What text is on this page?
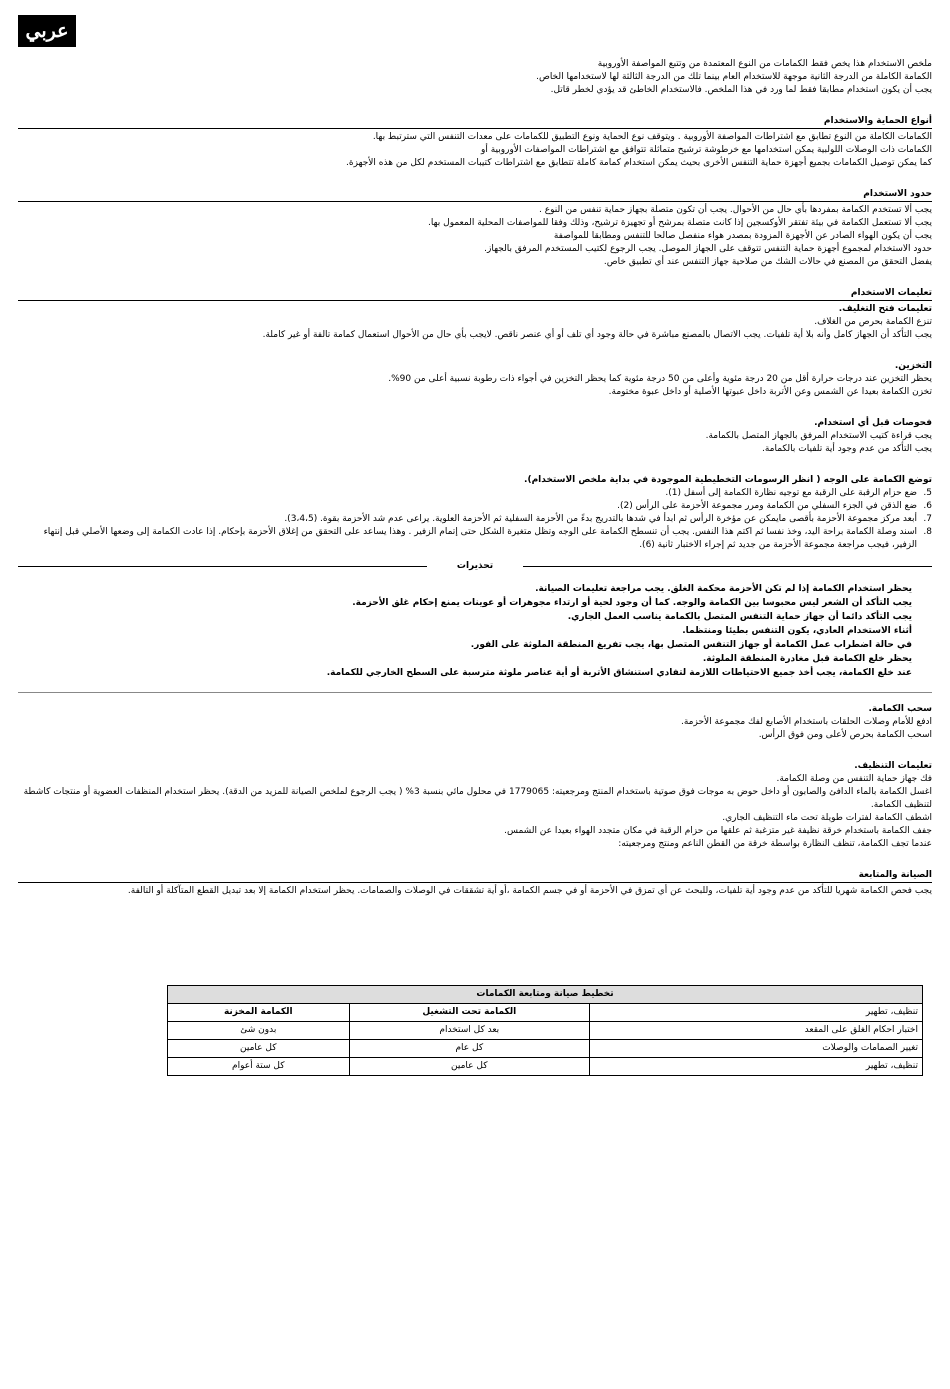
عربي

ملخص الاستخدام هذا يخص فقط الكمامات من النوع المعتمدة من وتتبع المواصفة الأوروبية

الكمامة الكاملة من الدرجة الثانية موجهة للاستخدام العام بينما تلك من الدرجة الثالثة لها لاستخدامها الخاص.

يجب أن يكون استخدام مطابقا فقط لما ورد في هذا الملخص. فالاستخدام الخاطئ قد يؤدي لخطر قاتل.

أنواع الحماية والاستخدام

الكمامات الكاملة من النوع تطابق مع اشتراطات المواصفة الأوروبية . ويتوقف نوع الحماية ونوع التطبيق للكمامات على معدات التنفس التي سترتبط بها.

الكمامات ذات الوصلات اللولبية يمكن استخدامها مع خرطوشة ترشيح متماثلة تتوافق مع اشتراطات المواصفات الأوروبية أو

كما يمكن توصيل الكمامات بجميع أجهزة حماية التنفس الأخرى بحيث يمكن استخدام كمامة كاملة تتطابق مع اشتراطات كتيبات المستخدم لكل من هذه الأجهزة.

حدود الاستخدام

يجب ألا تستخدم الكمامة بمفردها بأي حال من الأحوال. يجب أن تكون متصلة بجهاز حماية تنفس من النوع .

يجب ألا تستعمل الكمامة في بيئة تفتقر الأوكسجين إذا كانت متصلة بمرشح أو تجهيزة ترشيح، وذلك وفقا للمواصفات المحلية المعمول بها.

يجب أن يكون الهواء الصادر عن الأجهزة المزودة بمصدر هواء منفصل صالحا للتنفس ومطابقا للمواصفة

حدود الاستخدام لمجموع أجهزة حماية التنفس تتوقف على الجهاز الموصل. يجب الرجوع لكتيب المستخدم المرفق بالجهاز.

يفضل التحقق من المصنع في حالات الشك من صلاحية جهاز التنفس عند أي تطبيق خاص.

تعليمات الاستخدام

تعليمات فتح التغليف.

تنزع الكمامة بحرص من الغلاف.

يجب التأكد أن الجهاز كامل وأنه بلا أية تلفيات. يجب الاتصال بالمصنع مباشرة في حالة وجود أي تلف أو أي عنصر ناقص. لايجب بأي حال من الأحوال استعمال كمامة تالفة أو غير كاملة.

التخزين.

يحظر التخزين عند درجات حرارة أقل من 20 درجة مئوية وأعلى من 50 درجة مئوية كما يحظر التخزين في أجواء ذات رطوبة نسبية أعلى من 90%.

تخزن الكمامة بعيدا عن الشمس وعن الأتربة داخل عبوتها الأصلية أو داخل عبوة مختومة.

فحوصات قبل أي استخدام.

يجب قراءة كتيب الاستخدام المرفق بالجهاز المتصل بالكمامة.

يجب التأكد من عدم وجود أية تلفيات بالكمامة.

توضع الكمامة على الوجه ( انظر الرسومات التخطيطية الموجودة في بداية ملخص الاستخدام).

5.
ضع حزام الرقبة على الرقبة مع توجيه نظارة الكمامة إلى أسفل (1).
6.
ضع الذقن في الجزء السفلي من الكمامة ومرر مجموعة الأحزمة على الرأس (2).
7.
أبعد مركز مجموعة الأحزمة بأقصى مايمكن عن مؤخرة الرأس ثم ابدأ في شدها بالتدريج بدءً من الأحزمة السفلية ثم الأحزمة العلوية. يراعى عدم شد الأحزمة بقوة. (3،4،5).
8.
اسند وصلة الكمامة براحة اليد، وخذ نفسا ثم اكتم هذا النفس. يجب أن تنسطح الكمامة على الوجه وتظل متغيرة الشكل حتى إتمام الزفير . وهذا يساعد على التحقق من إغلاق الأحزمة بإحكام. إذا عادت الكمامة إلى وضعها الأصلي قبل إنتهاء الزفير، فيجب مراجعة مجموعة الأحزمة من جديد ثم إجراء الاختبار ثانية (6).
تحذيرات

يحظر استخدام الكمامة إذا لم تكن الأحزمة محكمة الغلق. يجب مراجعة تعليمات الصيانة.

يجب التأكد أن الشعر ليس محبوسا بين الكمامة والوجه. كما أن وجود لحية أو ارتداء مجوهرات أو عوينات يمنع إحكام غلق الأحزمة.

يجب التأكد دائما أن جهاز حماية التنفس المتصل بالكمامة يناسب العمل الجاري.

أثناء الاستخدام العادي، يكون التنفس بطيئا ومنتظما.

في حالة اضطراب عمل الكمامة أو جهاز التنفس المتصل بها، يجب تفريغ المنطقة الملوثة على الفور.

يحظر خلع الكمامة قبل مغادرة المنطقة الملوثة.

عند خلع الكمامة، يجب أخذ جميع الاحتياطات اللازمة لتفادي استنشاق الأتربة أو أية عناصر ملوثة مترسبة على السطح الخارجي للكمامة.

سحب الكمامة.

ادفع للأمام وصلات الحلقات باستخدام الأصابع لفك مجموعة الأحزمة.

اسحب الكمامة بحرص لأعلى ومن فوق الرأس.

تعليمات التنظيف.

فك جهاز حماية التنفس من وصلة الكمامة.

اغسل الكمامة بالماء الدافئ والصابون أو داخل حوض به موجات فوق صوتية باستخدام المنتج ومرجعيته: 1779065 في محلول مائي بنسبة 3% ( يجب الرجوع لملخص الصيانة للمزيد من الدقة). يحظر استخدام المنظفات العضوية أو منتجات كاشطة لتنظيف الكمامة.

اشطف الكمامة لفترات طويلة تحت ماء التنظيف الجاري.

جفف الكمامة باستخدام خرقة نظيفة غير متزغبة ثم علقها من حزام الرقبة في مكان متجدد الهواء بعيدا عن الشمس.

عندما تجف الكمامة، تنظف النظارة بواسطة خرقة من القطن الناعم ومنتج ومرجعيته:

الصيانة والمتابعة

يجب فحص الكمامة شهريا للتأكد من عدم وجود أية تلفيات، وللبحث عن أي تمزق في الأحزمة أو في جسم الكمامة ،أو أية تشققات في الوصلات والصمامات. يحظر استخدام الكمامة إلا بعد تبديل القطع المتآكلة أو التالفة.

تخطيط صيانة ومتابعة الكمامات		
تنظيف، تطهير	الكمامة تحت التشغيل	الكمامة المخزنة
اختبار احكام الغلق على المقعد	بعد كل استخدام	بدون شئ
تغيير الصمامات والوصلات	كل عام	كل عامين
تنظيف، تطهير	كل عامين	كل ستة أعوام
